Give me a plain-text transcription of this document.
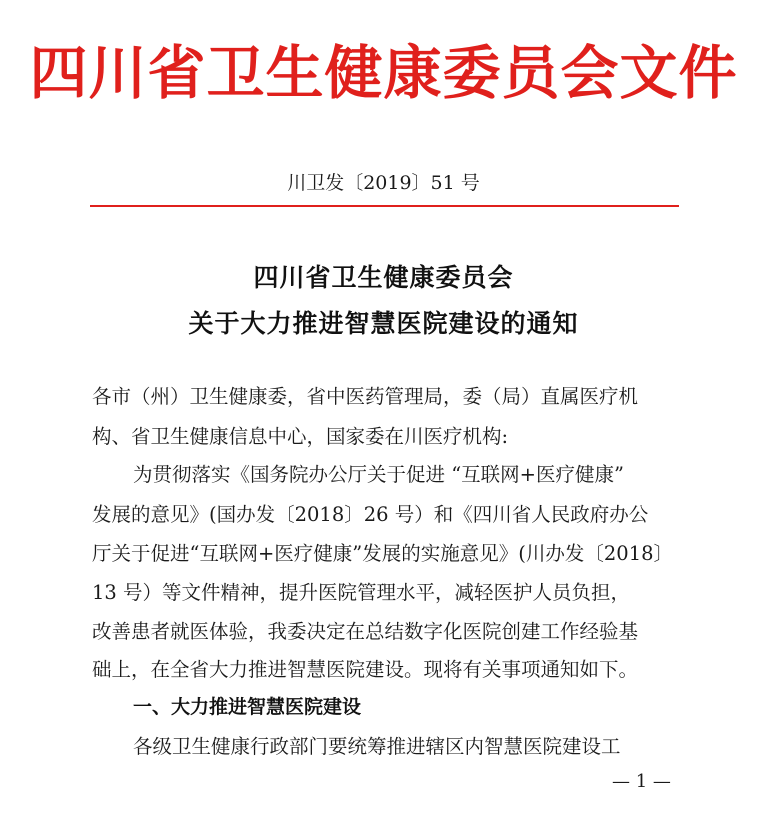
四川省卫生健康委员会文件
川卫发〔2019〕51 号
四川省卫生健康委员会
关于大力推进智慧医院建设的通知
各市（州）卫生健康委，省中医药管理局，委（局）直属医疗机
构、省卫生健康信息中心，国家委在川医疗机构:
为贯彻落实《国务院办公厅关于促进 “互联网+医疗健康”
发展的意见》(国办发〔2018〕26 号）和《四川省人民政府办公
厅关于促进“互联网+医疗健康”发展的实施意见》(川办发〔2018〕
13 号）等文件精神，提升医院管理水平，减轻医护人员负担，
改善患者就医体验，我委决定在总结数字化医院创建工作经验基
础上，在全省大力推进智慧医院建设。现将有关事项通知如下。
一、大力推进智慧医院建设
各级卫生健康行政部门要统筹推进辖区内智慧医院建设工
— 1 —
